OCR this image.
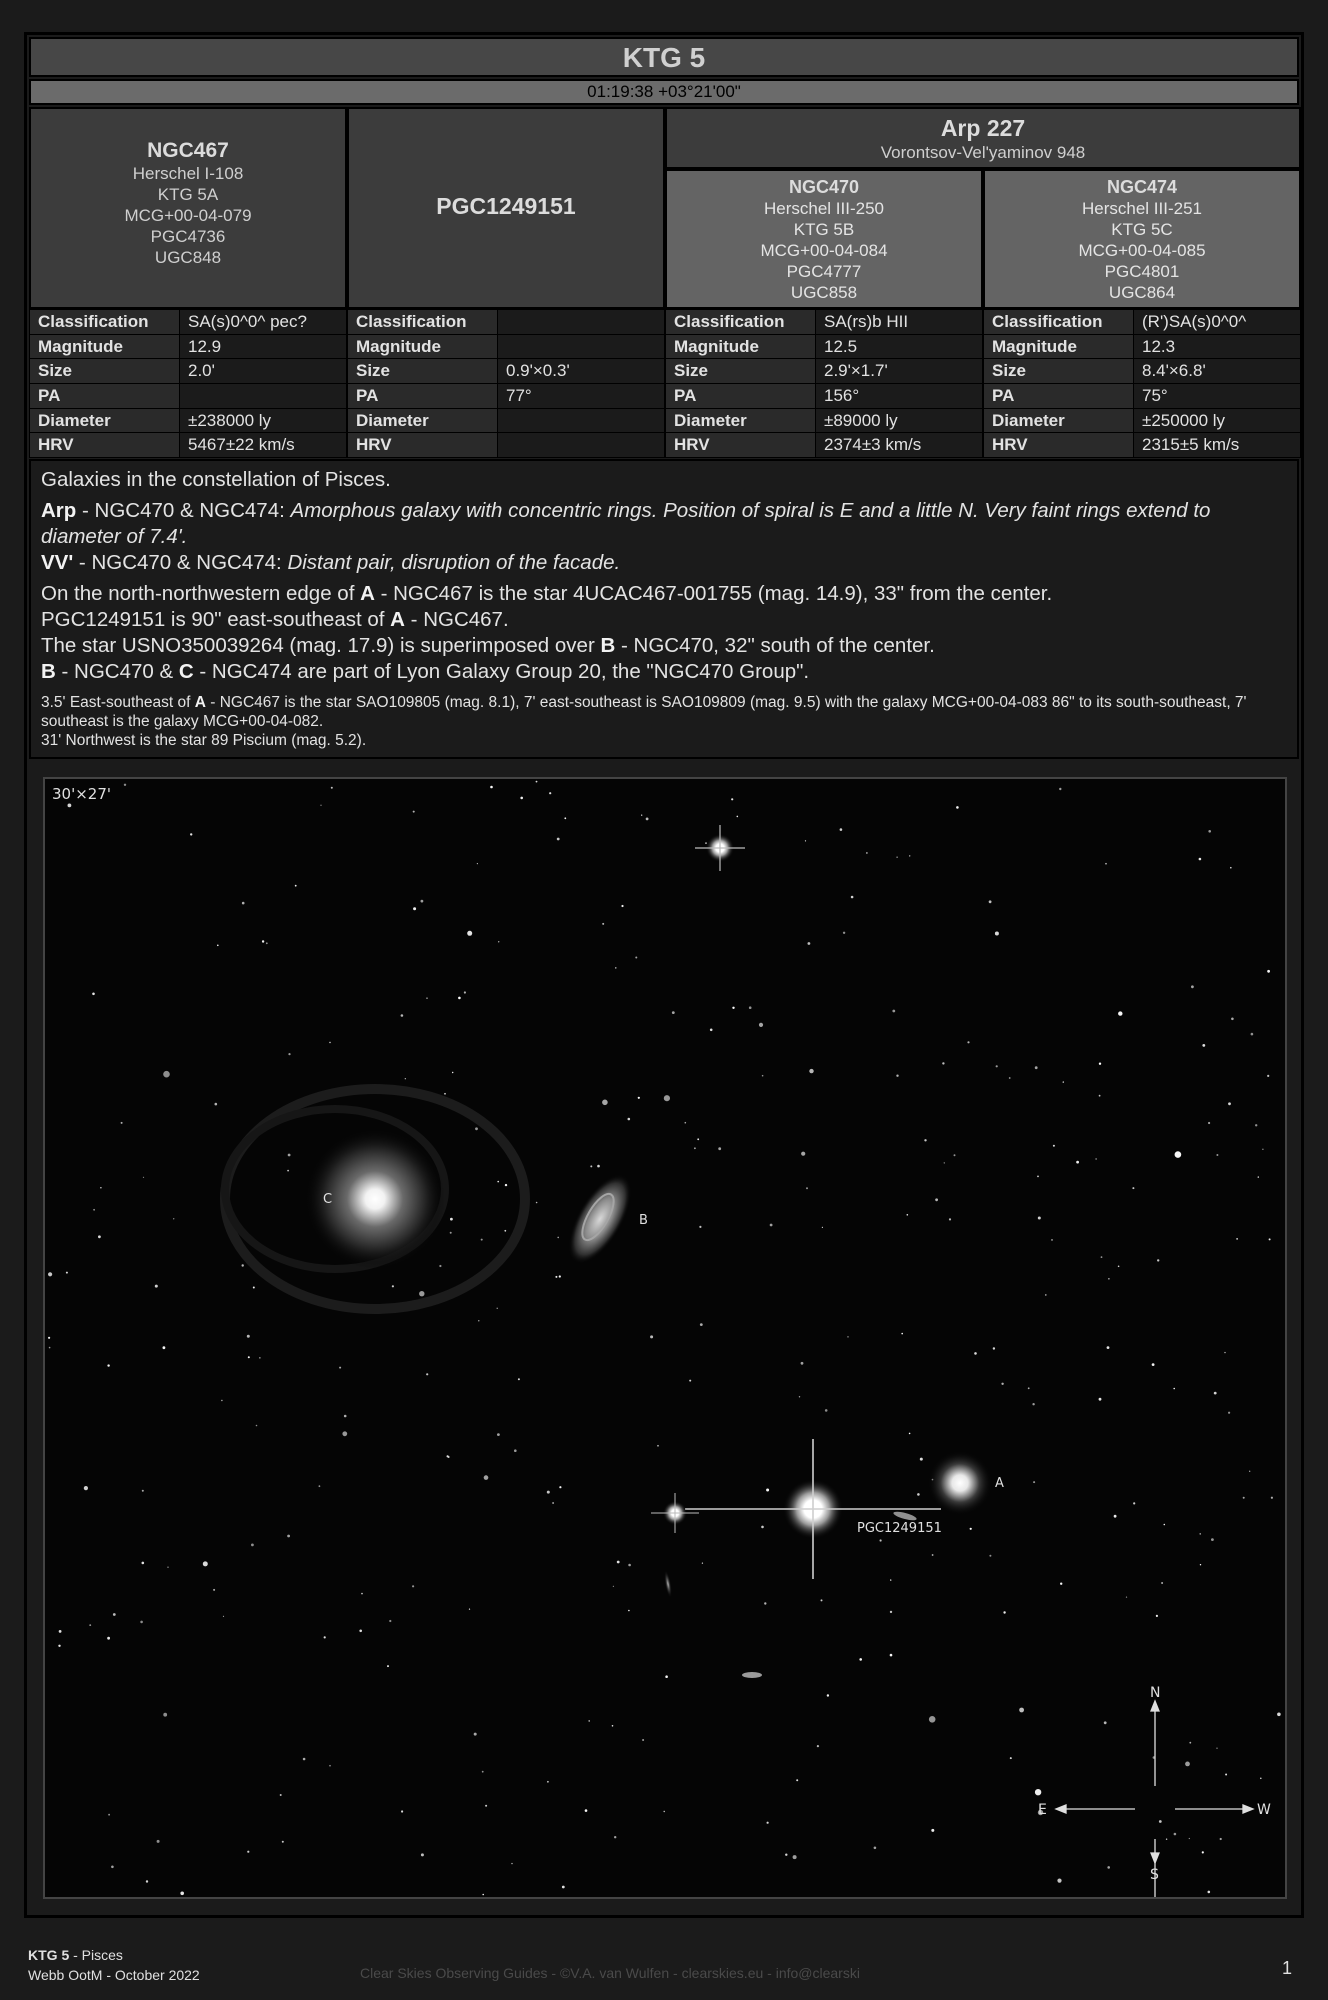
KTG 5
01:19:38 +03°21'00"
NGC467
Herschel I-108
KTG 5A
MCG+00-04-079
PGC4736
UGC848
PGC1249151
Arp 227
Vorontsov-Vel'yaminov 948
NGC470
Herschel III-250
KTG 5B
MCG+00-04-084
PGC4777
UGC858
NGC474
Herschel III-251
KTG 5C
MCG+00-04-085
PGC4801
UGC864
Classification	SA(s)0^0^ pec?
Magnitude	12.9
Size	2.0'
PA	
Diameter	±238000 ly
HRV	5467±22 km/s
Classification	
Magnitude	
Size	0.9'×0.3'
PA	77°
Diameter	
HRV	
Classification	SA(rs)b HII
Magnitude	12.5
Size	2.9'×1.7'
PA	156°
Diameter	±89000 ly
HRV	2374±3 km/s
Classification	(R')SA(s)0^0^
Magnitude	12.3
Size	8.4'×6.8'
PA	75°
Diameter	±250000 ly
HRV	2315±5 km/s

Galaxies in the constellation of Pisces.

Arp - NGC470 & NGC474: Amorphous galaxy with concentric rings. Position of spiral is E and a little N. Very faint rings extend to diameter of 7.4'.

VV' - NGC470 & NGC474: Distant pair, disruption of the facade.

On the north-northwestern edge of A - NGC467 is the star 4UCAC467-001755 (mag. 14.9), 33" from the center.

PGC1249151 is 90" east-southeast of A - NGC467.

The star USNO350039264 (mag. 17.9) is superimposed over B - NGC470, 32" south of the center.

B - NGC470 & C - NGC474 are part of Lyon Galaxy Group 20, the "NGC470 Group".

3.5' East-southeast of A - NGC467 is the star SAO109805 (mag. 8.1), 7' east-southeast is SAO109809 (mag. 9.5) with the galaxy MCG+00-04-083 86" to its south-southeast, 7' southeast is the galaxy MCG+00-04-082.

31' Northwest is the star 89 Piscium (mag. 5.2).

30'×27'
C
B
A
PGC1249151
N
S
E	W
KTG 5 - Pisces
Webb OotM - October 2022	Clear Skies Observing Guides - ©V.A. van Wulfen - clearskies.eu - info@clearski	1
